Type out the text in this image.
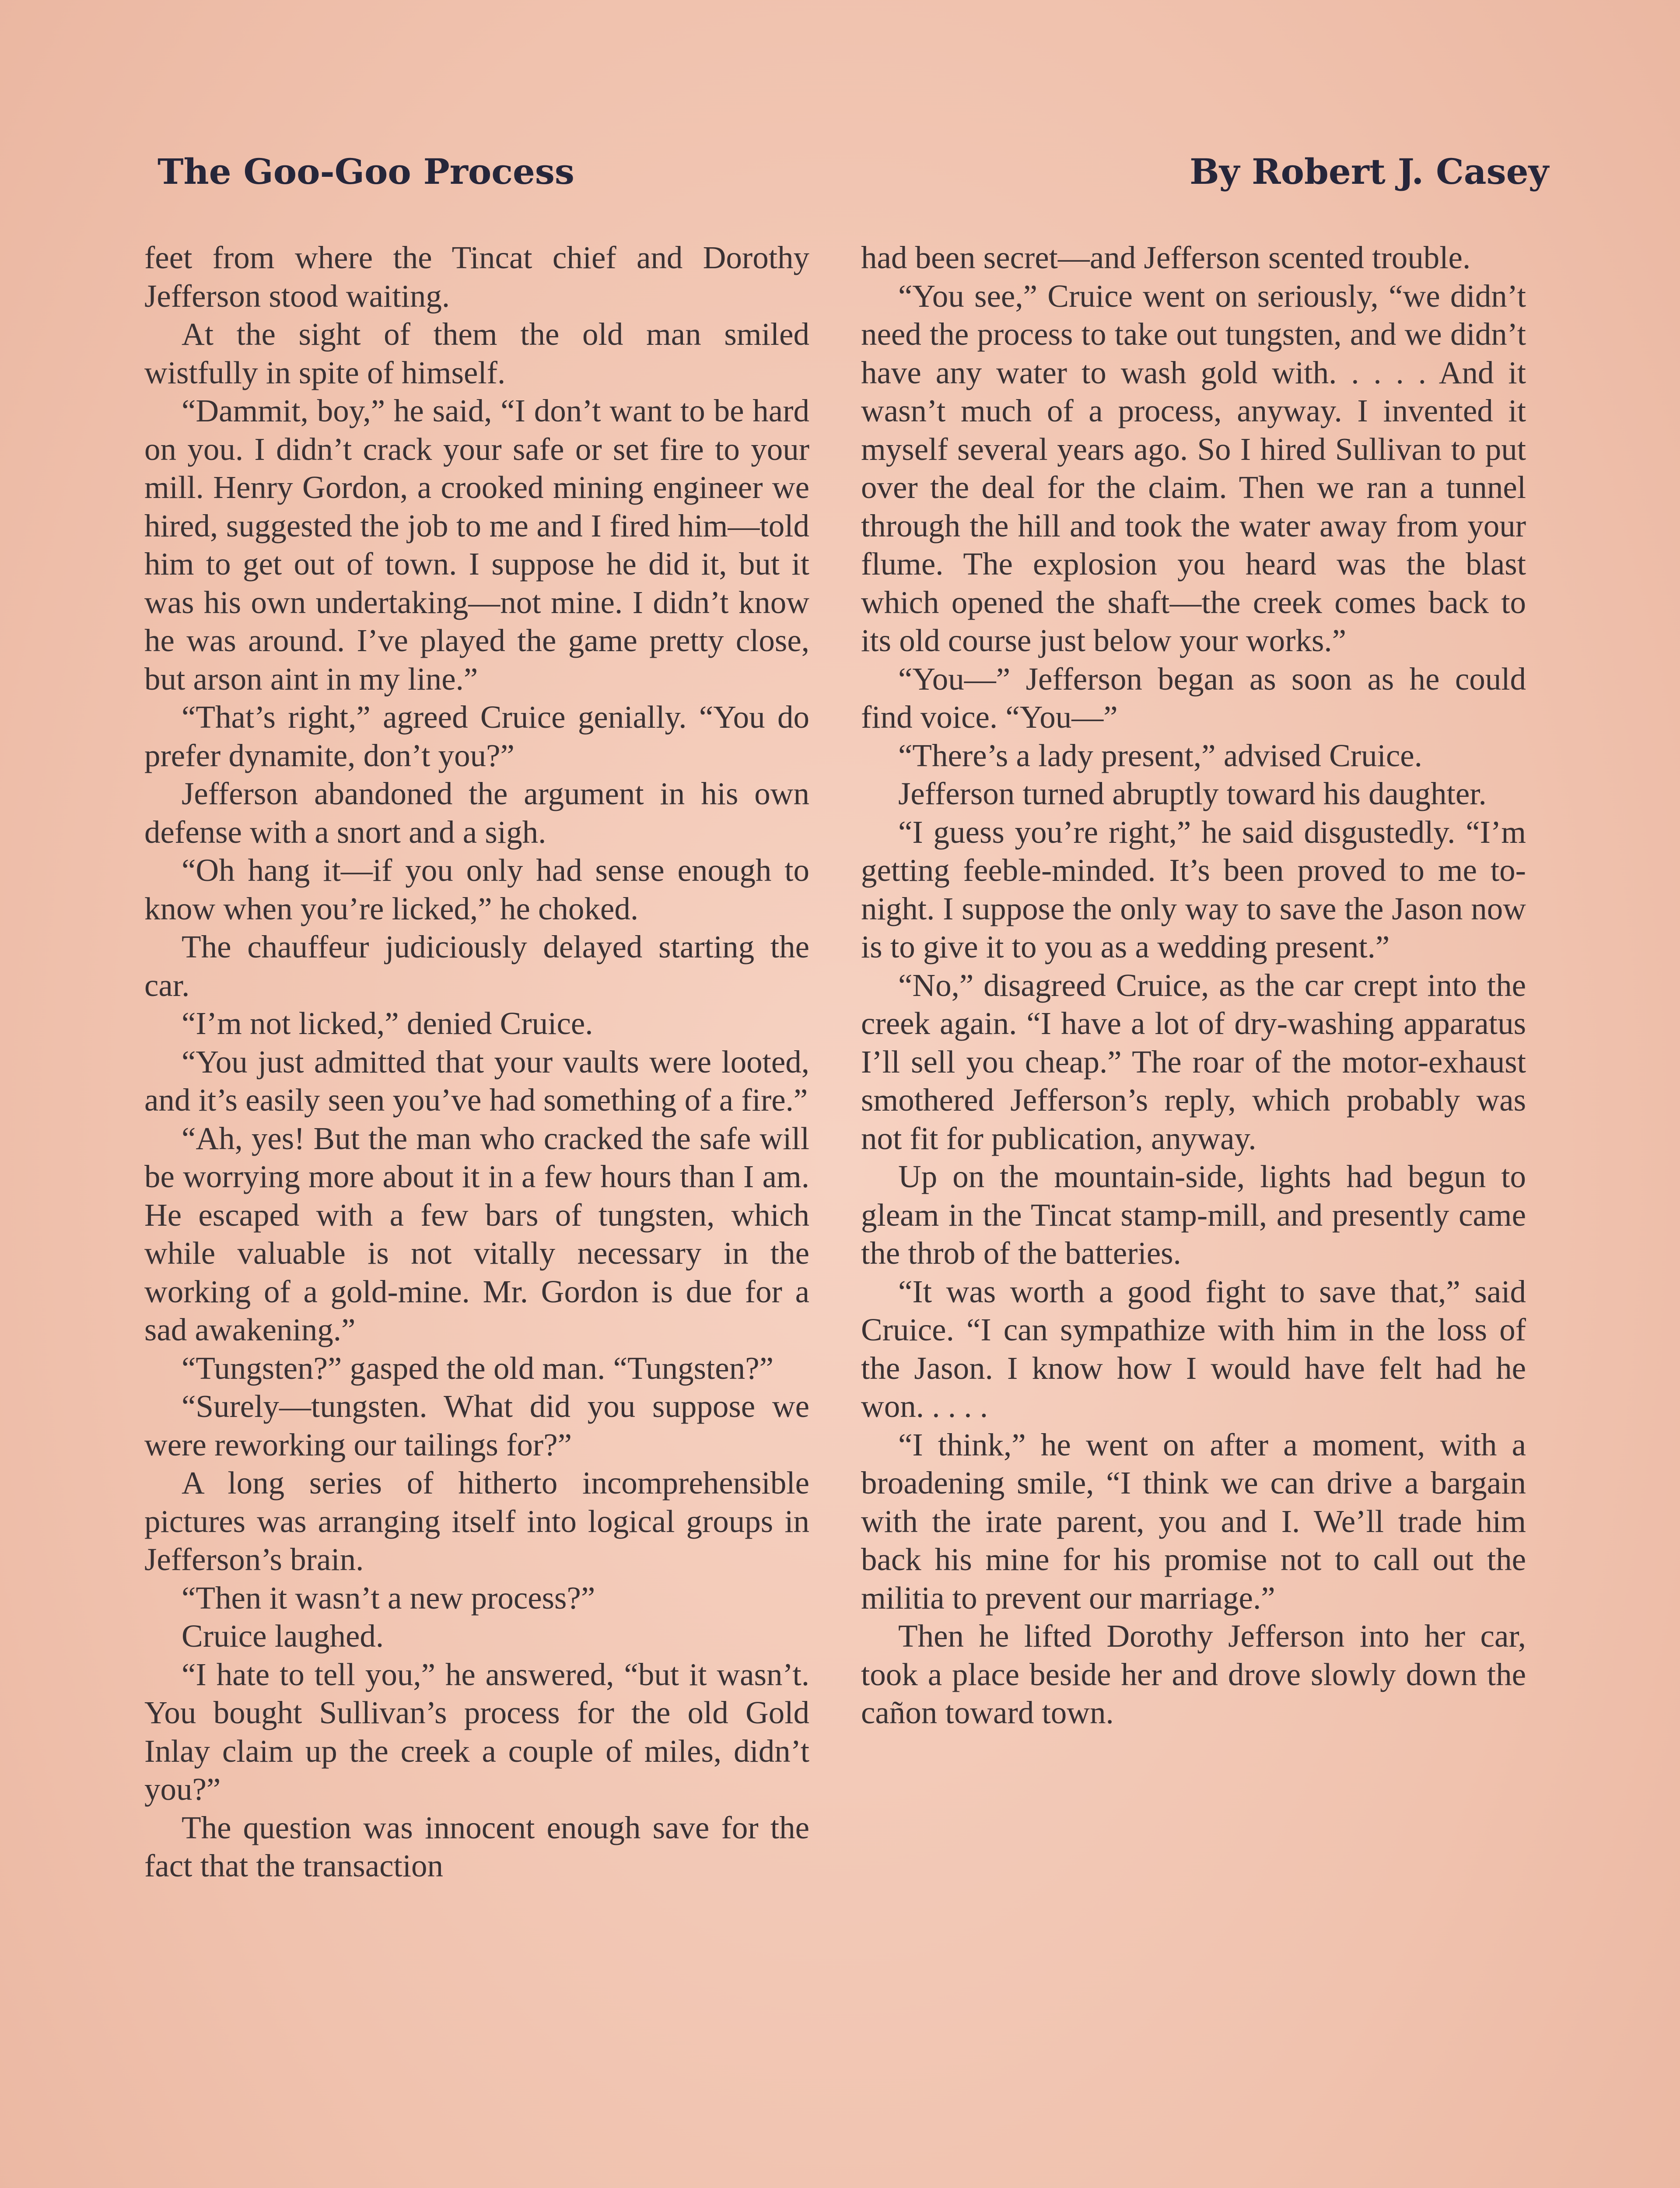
The Goo-Goo Process	By Robert J. Casey

feet from where the Tincat chief and Dorothy Jefferson stood waiting.

At the sight of them the old man smiled wistfully in spite of himself.

“Dammit, boy,” he said, “I don’t want to be hard on you. I didn’t crack your safe or set fire to your mill. Henry Gordon, a crooked mining engineer we hired, suggested the job to me and I fired him—told him to get out of town. I suppose he did it, but it was his own undertaking—not mine. I didn’t know he was around. I’ve played the game pretty close, but arson aint in my line.”

“That’s right,” agreed Cruice genially. “You do prefer dynamite, don’t you?”

Jefferson abandoned the argument in his own defense with a snort and a sigh.

“Oh hang it—if you only had sense enough to know when you’re licked,” he choked.

The chauffeur judiciously delayed starting the car.

“I’m not licked,” denied Cruice.

“You just admitted that your vaults were looted, and it’s easily seen you’ve had something of a fire.”

“Ah, yes! But the man who cracked the safe will be worrying more about it in a few hours than I am. He escaped with a few bars of tungsten, which while valuable is not vitally necessary in the working of a gold-mine. Mr. Gordon is due for a sad awakening.”

“Tungsten?” gasped the old man. “Tungsten?”

“Surely—tungsten. What did you suppose we were reworking our tailings for?”

A long series of hitherto incomprehensible pictures was arranging itself into logical groups in Jefferson’s brain.

“Then it wasn’t a new process?”

Cruice laughed.

“I hate to tell you,” he answered, “but it wasn’t. You bought Sullivan’s process for the old Gold Inlay claim up the creek a couple of miles, didn’t you?”

The question was innocent enough save for the fact that the transaction

had been secret—and Jefferson scented trouble.

“You see,” Cruice went on seriously, “we didn’t need the process to take out tungsten, and we didn’t have any water to wash gold with. . . . . And it wasn’t much of a process, anyway. I invented it myself several years ago. So I hired Sullivan to put over the deal for the claim. Then we ran a tunnel through the hill and took the water away from your flume. The explosion you heard was the blast which opened the shaft—the creek comes back to its old course just below your works.”

“You—” Jefferson began as soon as he could find voice. “You—”

“There’s a lady present,” advised Cruice.

Jefferson turned abruptly toward his daughter.

“I guess you’re right,” he said disgustedly. “I’m getting feeble-minded. It’s been proved to me to-night. I suppose the only way to save the Jason now is to give it to you as a wedding present.”

“No,” disagreed Cruice, as the car crept into the creek again. “I have a lot of dry-washing apparatus I’ll sell you cheap.” The roar of the motor-exhaust smothered Jefferson’s reply, which probably was not fit for publication, anyway.

Up on the mountain-side, lights had begun to gleam in the Tincat stamp-mill, and presently came the throb of the batteries.

“It was worth a good fight to save that,” said Cruice. “I can sympathize with him in the loss of the Jason. I know how I would have felt had he won. . . . .

“I think,” he went on after a moment, with a broadening smile, “I think we can drive a bargain with the irate parent, you and I. We’ll trade him back his mine for his promise not to call out the militia to prevent our marriage.”

Then he lifted Dorothy Jefferson into her car, took a place beside her and drove slowly down the cañon toward town.
